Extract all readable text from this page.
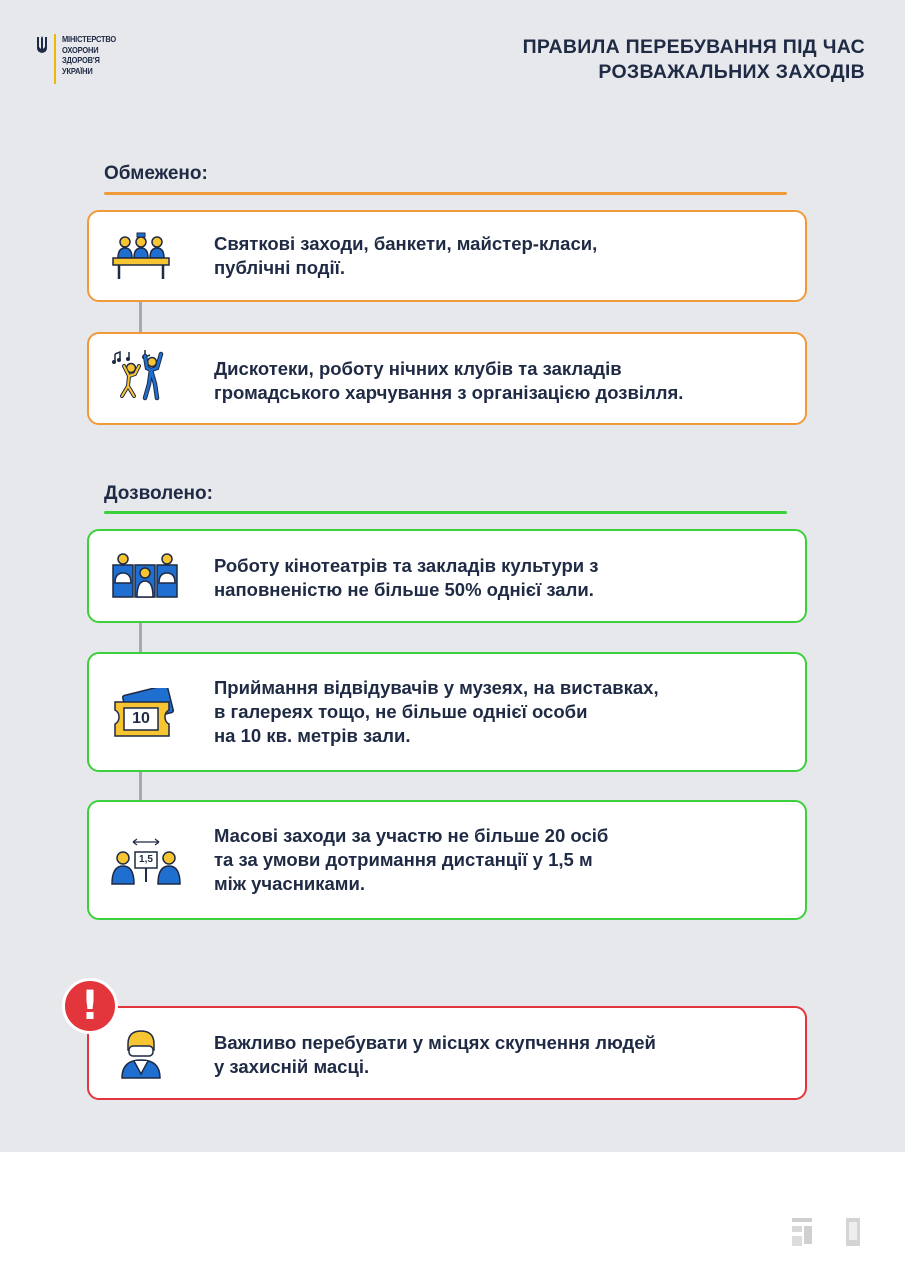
МІНІСТЕРСТВО
ОХОРОНИ
ЗДОРОВ'Я
УКРАЇНИ
ПРАВИЛА ПЕРЕБУВАННЯ ПІД ЧАС
РОЗВАЖАЛЬНИХ ЗАХОДІВ
Обмежено:
Святкові заходи, банкети, майстер-класи,
публічні події.
Дискотеки, роботу нічних клубів та закладів
громадського харчування з організацією дозвілля.
Дозволено:
Роботу кінотеатрів та закладів культури з
наповненістю не більше 50% однієї зали.
10
Приймання відвідувачів у музеях, на виставках,
в галереях тощо, не більше однієї особи
на 10 кв. метрів зали.
1,5
Масові заходи за участю не більше 20 осіб
та за умови дотримання дистанції у 1,5 м
між учасниками.
Важливо перебувати у місцях скупчення людей
у захисній масці.
!
